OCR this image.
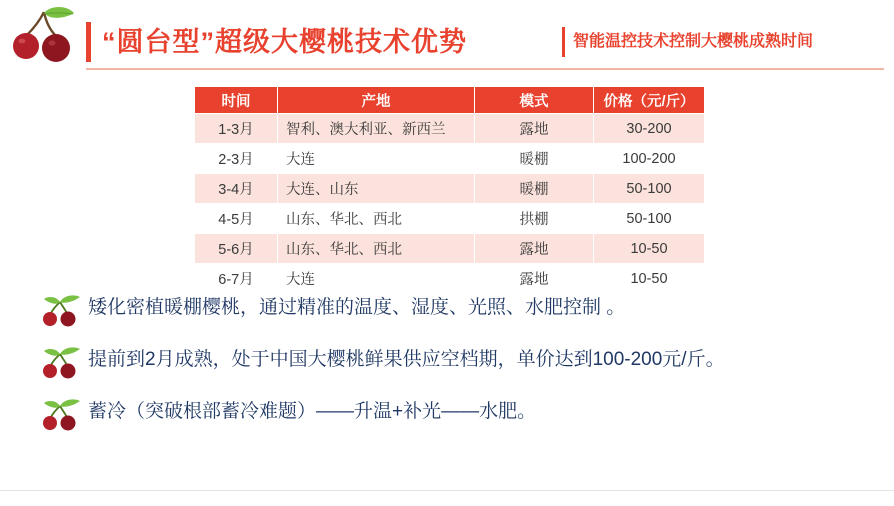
“圆台型”超级大樱桃技术优势	智能温控技术控制大樱桃成熟时间
时间	产地	模式	价格（元/斤）
1-3月	智利、澳大利亚、新西兰	露地	30-200
2-3月	大连	暖棚	100-200
3-4月	大连、山东	暖棚	50-100
4-5月	山东、华北、西北	拱棚	50-100
5-6月	山东、华北、西北	露地	10-50
6-7月	大连	露地	10-50
矮化密植暖棚樱桃，通过精准的温度、湿度、光照、水肥控制 。
提前到2月成熟，处于中国大樱桃鲜果供应空档期，单价达到100-200元/斤。
蓄冷（突破根部蓄冷难题）——升温+补光——水肥。
